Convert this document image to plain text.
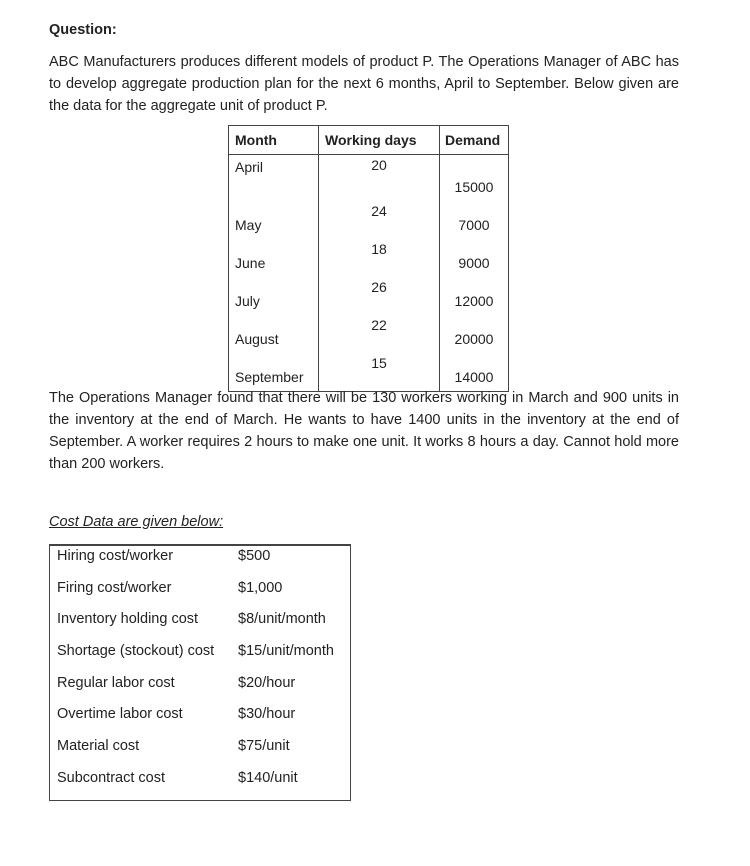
Question:
ABC Manufacturers produces different models of product P. The Operations Manager of ABC has to develop aggregate production plan for the next 6 months, April to September. Below given are the data for the aggregate unit of product P.
Month	Working days	Demand
April	20	15000
May	24	7000
June	18	9000
July	26	12000
August	22	20000
September	15	14000
The Operations Manager found that there will be 130 workers working in March and 900 units in the inventory at the end of March. He wants to have 1400 units in the inventory at the end of September. A worker requires 2 hours to make one unit. It works 8 hours a day. Cannot hold more than 200 workers.
Cost Data are given below:
Hiring cost/worker	$500
Firing cost/worker	$1,000
Inventory holding cost	$8/unit/month
Shortage (stockout) cost $15/unit/month
Regular labor cost	$20/hour
Overtime labor cost	$30/hour
Material cost	$75/unit
Subcontract cost	$140/unit
